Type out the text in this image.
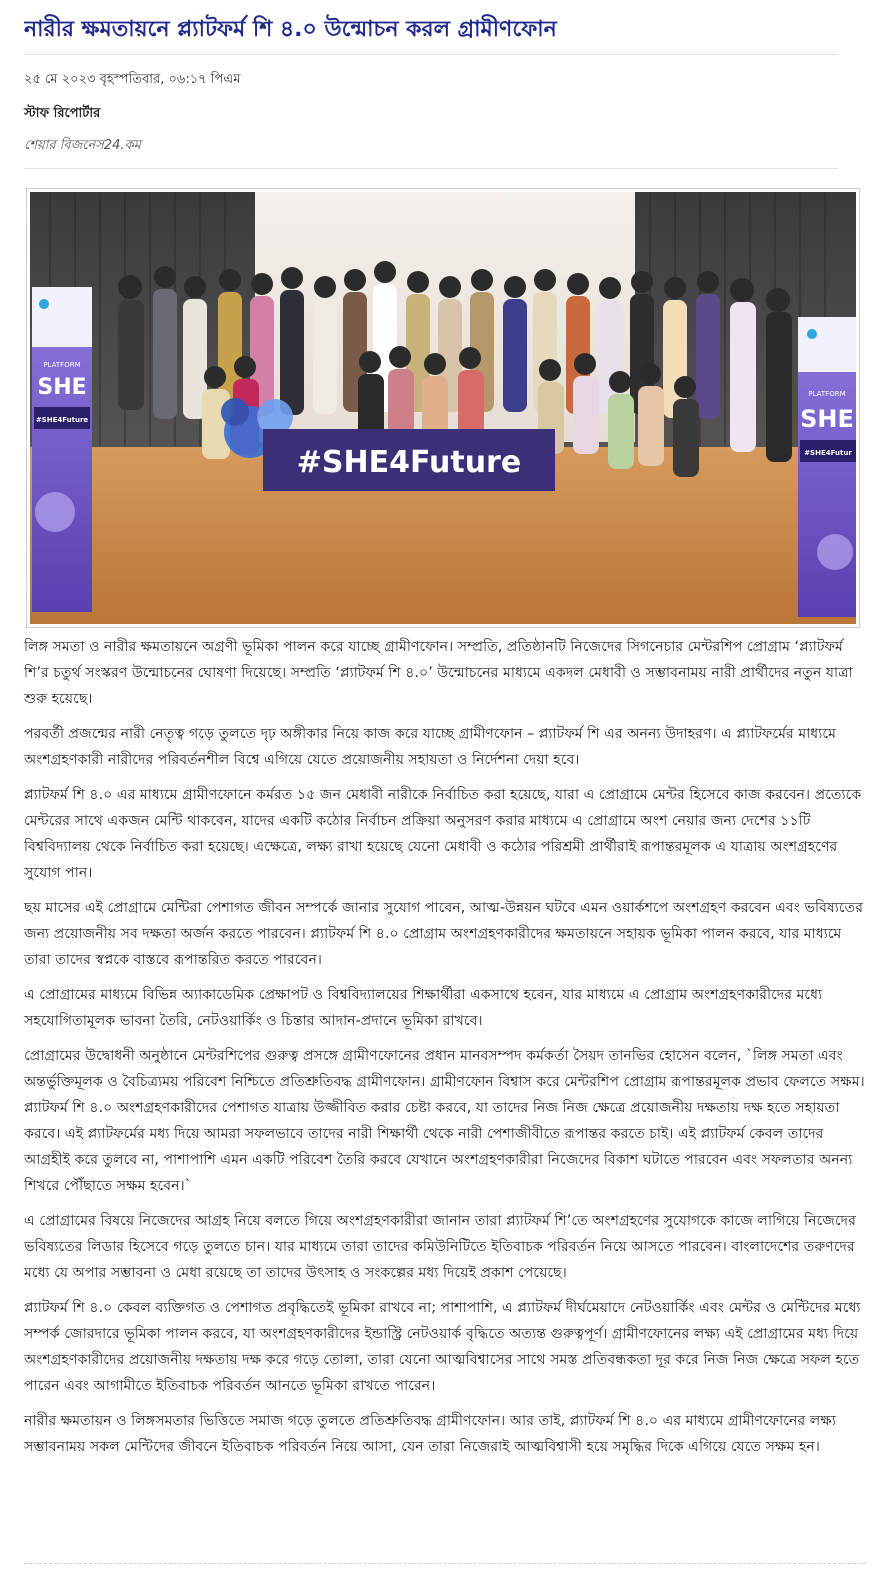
নারীর ক্ষমতায়নে প্ল্যাটফর্ম শি ৪.০ উন্মোচন করল গ্রামীণফোন
২৫ মে ২০২৩ বৃহস্পতিবার, ০৬:১৭ পিএম
স্টাফ রিপোর্টার
শেয়ার বিজনেস24.কম
#SHE4Future
PLATFORM
SHE
#SHE4Future
PLATFORM
SHE
#SHE4Futur

লিঙ্গ সমতা ও নারীর ক্ষমতায়নে অগ্রণী ভূমিকা পালন করে যাচ্ছে গ্রামীণফোন। সম্প্রতি, প্রতিষ্ঠানটি নিজেদের সিগনেচার মেন্টরশিপ প্রোগ্রাম ‘প্ল্যাটফর্ম শি’র চতুর্থ সংস্করণ উন্মোচনের ঘোষণা দিয়েছে। সম্প্রতি ‘প্ল্যাটফর্ম শি ৪.০’ উন্মোচনের মাধ্যমে একদল মেধাবী ও সম্ভাবনাময় নারী প্রার্থীদের নতুন যাত্রা শুরু হয়েছে।

পরবর্তী প্রজন্মের নারী নেতৃত্ব গড়ে তুলতে দৃঢ় অঙ্গীকার নিয়ে কাজ করে যাচ্ছে গ্রামীণফোন – প্ল্যাটফর্ম শি এর অনন্য উদাহরণ। এ প্ল্যাটফর্মের মাধ্যমে অংশগ্রহণকারী নারীদের পরিবর্তনশীল বিশ্বে এগিয়ে যেতে প্রয়োজনীয় সহায়তা ও নির্দেশনা দেয়া হবে।

প্ল্যাটফর্ম শি ৪.০ এর মাধ্যমে গ্রামীণফোনে কর্মরত ১৫ জন মেধাবী নারীকে নির্বাচিত করা হয়েছে, যারা এ প্রোগ্রামে মেন্টর হিসেবে কাজ করবেন। প্রত্যেকে মেন্টরের সাথে একজন মেন্টি থাকবেন, যাদের একটি কঠোর নির্বাচন প্রক্রিয়া অনুসরণ করার মাধ্যমে এ প্রোগ্রামে অংশ নেয়ার জন্য দেশের ১১টি বিশ্ববিদ্যালয় থেকে নির্বাচিত করা হয়েছে। এক্ষেত্রে, লক্ষ্য রাখা হয়েছে যেনো মেধাবী ও কঠোর পরিশ্রমী প্রার্থীরাই রূপান্তরমূলক এ যাত্রায় অংশগ্রহণের সুযোগ পান।

ছয় মাসের এই প্রোগ্রামে মেন্টিরা পেশাগত জীবন সম্পর্কে জানার সুযোগ পাবেন, আত্ম-উন্নয়ন ঘটবে এমন ওয়ার্কশপে অংশগ্রহণ করবেন এবং ভবিষ্যতের জন্য প্রয়োজনীয় সব দক্ষতা অর্জন করতে পারবেন। প্ল্যাটফর্ম শি ৪.০ প্রোগ্রাম অংশগ্রহণকারীদের ক্ষমতায়নে সহায়ক ভূমিকা পালন করবে, যার মাধ্যমে তারা তাদের স্বপ্নকে বাস্তবে রূপান্তরিত করতে পারবেন।

এ প্রোগ্রামের মাধ্যমে বিভিন্ন অ্যাকাডেমিক প্রেক্ষাপট ও বিশ্ববিদ্যালয়ের শিক্ষার্থীরা একসাথে হবেন, যার মাধ্যমে এ প্রোগ্রাম অংশগ্রহণকারীদের মধ্যে সহযোগিতামূলক ভাবনা তৈরি, নেটওয়ার্কিং ও চিন্তার আদান-প্রদানে ভূমিকা রাখবে।

প্রোগ্রামের উদ্বোধনী অনুষ্ঠানে মেন্টরশিপের গুরুত্ব প্রসঙ্গে গ্রামীণফোনের প্রধান মানবসম্পদ কর্মকর্তা সৈয়দ তানভির হোসেন বলেন, `লিঙ্গ সমতা এবং অন্তর্ভুক্তিমূলক ও বৈচিত্র্যময় পরিবেশ নিশ্চিতে প্রতিশ্রুতিবদ্ধ গ্রামীণফোন। গ্রামীণফোন বিশ্বাস করে মেন্টরশিপ প্রোগ্রাম রূপান্তরমূলক প্রভাব ফেলতে সক্ষম। প্ল্যাটফর্ম শি ৪.০ অংশগ্রহণকারীদের পেশাগত যাত্রায় উজ্জীবিত করার চেষ্টা করবে, যা তাদের নিজ নিজ ক্ষেত্রে প্রয়োজনীয় দক্ষতায় দক্ষ হতে সহায়তা করবে। এই প্ল্যাটফর্মের মধ্য দিয়ে আমরা সফলভাবে তাদের নারী শিক্ষার্থী থেকে নারী পেশাজীবীতে রূপান্তর করতে চাই। এই প্ল্যাটফর্ম কেবল তাদের আগ্রহীই করে তুলবে না, পাশাপাশি এমন একটি পরিবেশ তৈরি করবে যেখানে অংশগ্রহণকারীরা নিজেদের বিকাশ ঘটাতে পারবেন এবং সফলতার অনন্য শিখরে পৌঁছাতে সক্ষম হবেন।`

এ প্রোগ্রামের বিষয়ে নিজেদের আগ্রহ নিয়ে বলতে গিয়ে অংশগ্রহণকারীরা জানান তারা প্ল্যাটফর্ম শি’তে অংশগ্রহণের সুযোগকে কাজে লাগিয়ে নিজেদের ভবিষ্যতের লিডার হিসেবে গড়ে তুলতে চান। যার মাধ্যমে তারা তাদের কমিউনিটিতে ইতিবাচক পরিবর্তন নিয়ে আসতে পারবেন। বাংলাদেশের তরুণদের মধ্যে যে অপার সম্ভাবনা ও মেধা রয়েছে তা তাদের উৎসাহ ও সংকল্পের মধ্য দিয়েই প্রকাশ পেয়েছে।

প্ল্যাটফর্ম শি ৪.০ কেবল ব্যক্তিগত ও পেশাগত প্রবৃদ্ধিতেই ভূমিকা রাখবে না; পাশাপাশি, এ প্ল্যাটফর্ম দীর্ঘমেয়াদে নেটওয়ার্কিং এবং মেন্টর ও মেন্টিদের মধ্যে সম্পর্ক জোরদারে ভূমিকা পালন করবে, যা অংশগ্রহণকারীদের ইন্ডাস্ট্রি নেটওয়ার্ক বৃদ্ধিতে অত্যন্ত গুরুত্বপূর্ণ। গ্রামীণফোনের লক্ষ্য এই প্রোগ্রামের মধ্য দিয়ে অংশগ্রহণকারীদের প্রয়োজনীয় দক্ষতায় দক্ষ করে গড়ে তোলা, তারা যেনো আত্মবিশ্বাসের সাথে সমস্ত প্রতিবন্ধকতা দূর করে নিজ নিজ ক্ষেত্রে সফল হতে পারেন এবং আগামীতে ইতিবাচক পরিবর্তন আনতে ভূমিকা রাখতে পারেন।

নারীর ক্ষমতায়ন ও লিঙ্গসমতার ভিত্তিতে সমাজ গড়ে তুলতে প্রতিশ্রুতিবদ্ধ গ্রামীণফোন। আর তাই, প্ল্যাটফর্ম শি ৪.০ এর মাধ্যমে গ্রামীণফোনের লক্ষ্য সম্ভাবনাময় সকল মেন্টিদের জীবনে ইতিবাচক পরিবর্তন নিয়ে আসা, যেন তারা নিজেরাই আত্মবিশ্বাসী হয়ে সমৃদ্ধির দিকে এগিয়ে যেতে সক্ষম হন।
